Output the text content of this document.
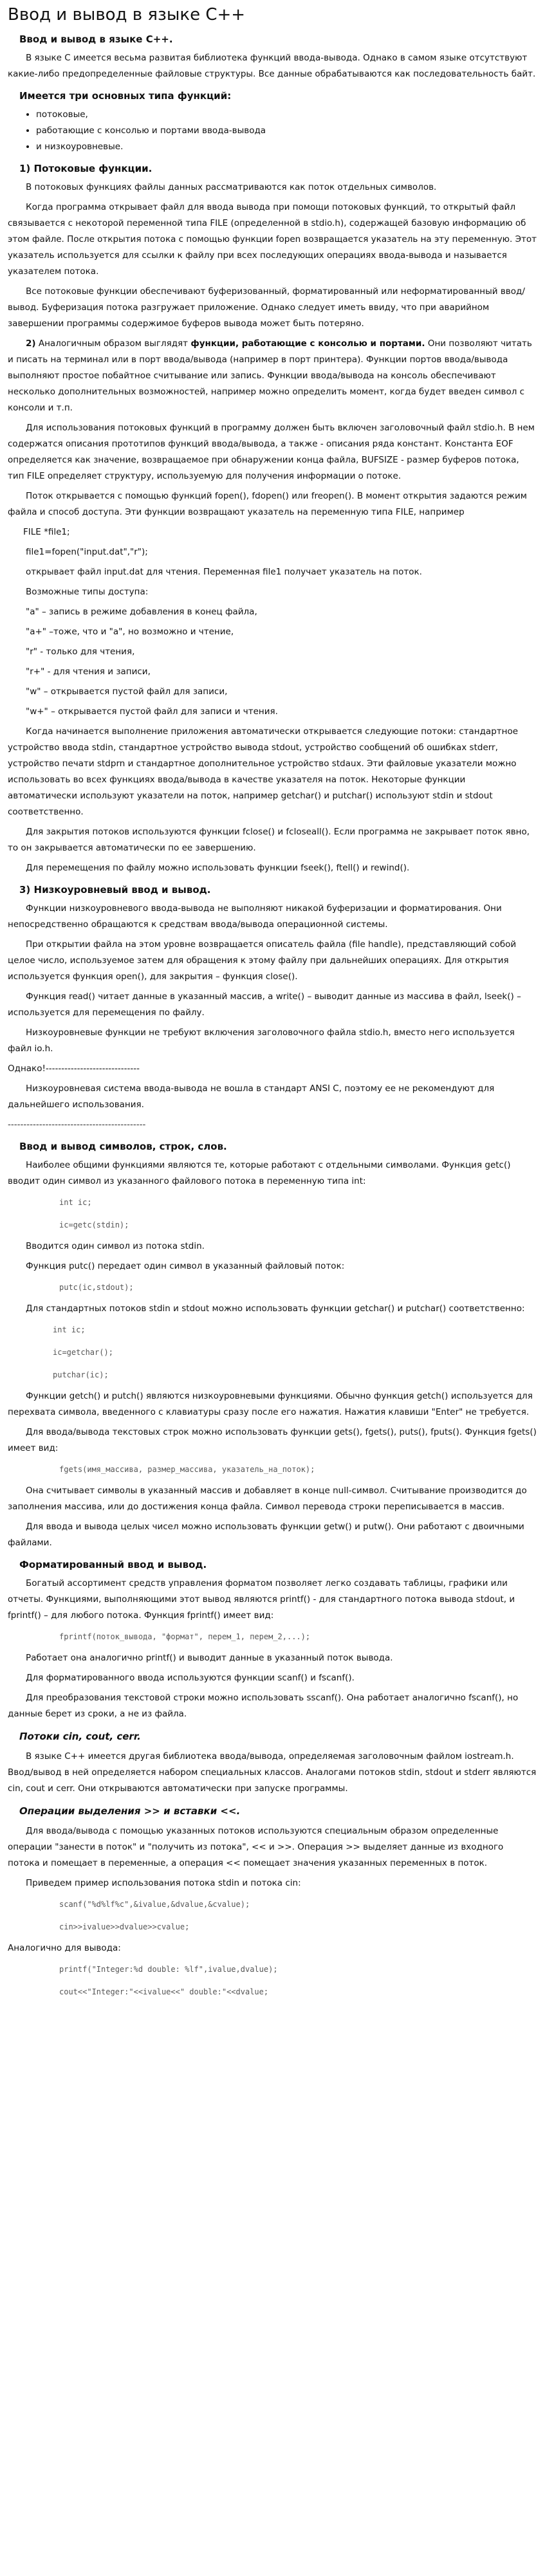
Ввод и вывод в языке C++
Ввод и вывод в языке С++.

В языке С имеется весьма развитая библиотека функций ввода-вывода. Однако в самом языке отсутствуют какие-либо предопределенные файловые структуры. Все данные обрабатываются как последовательность байт.

Имеется три основных типа функций:
• потоковые,
• работающие с консолью и портами ввода-вывода
• и низкоуровневые.
1) Потоковые функции.

В потоковых функциях файлы данных рассматриваются как поток отдельных символов.

Когда программа открывает файл для ввода вывода при помощи потоковых функций, то открытый файл связывается с некоторой переменной типа FILE (определенной в stdio.h), содержащей базовую информацию об этом файле. После открытия потока с помощью функции fopen возвращается указатель на эту переменную. Этот указатель используется для ссылки к файлу при всех последующих операциях ввода-вывода и называется указателем потока.

Все потоковые функции обеспечивают буферизованный, форматированный или неформатированный ввод/вывод. Буферизация потока разгружает приложение. Однако следует иметь ввиду, что при аварийном завершении программы содержимое буферов вывода может быть потеряно.

2) Аналогичным образом выглядят функции, работающие с консолью и портами. Они позволяют читать и писать на терминал или в порт ввода/вывода (например в порт принтера). Функции портов ввода/вывода выполняют простое побайтное считывание или запись. Функции ввода/вывода на консоль обеспечивают несколько дополнительных возможностей, например можно определить момент, когда будет введен символ с консоли и т.п.

Для использования потоковых функций в программу должен быть включен заголовочный файл stdio.h. В нем содержатся описания прототипов функций ввода/вывода, а также - описания ряда констант. Константа EOF определяется как значение, возвращаемое при обнаружении конца файла, BUFSIZE - размер буферов потока, тип FILE определяет структуру, используемую для получения информации о потоке.

Поток открывается с помощью функций fopen(), fdopen() или freopen(). В момент открытия задаются режим файла и способ доступа. Эти функции возвращают указатель на переменную типа FILE, например

FILE *file1;

file1=fopen("input.dat","r");

открывает файл input.dat для чтения. Переменная file1 получает указатель на поток.

Возможные типы доступа:

"a" – запись в режиме добавления в конец файла,

"a+" –тоже, что и "a", но возможно и чтение,

"r" - только для чтения,

"r+" - для чтения и записи,

"w" – открывается пустой файл для записи,

"w+" – открывается пустой файл для записи и чтения.

Когда начинается выполнение приложения автоматически открывается следующие потоки: стандартное устройство ввода stdin, стандартное устройство вывода stdout, устройство сообщений об ошибках stderr, устройство печати stdprn и стандартное дополнительное устройство stdaux. Эти файловые указатели можно использовать во всех функциях ввода/вывода в качестве указателя на поток. Некоторые функции автоматически используют указатели на поток, например getchar() и putchar() используют stdin и stdout соответственно.

Для закрытия потоков используются функции fclose() и fcloseall(). Если программа не закрывает поток явно, то он закрывается автоматически по ее завершению.

Для перемещения по файлу можно использовать функции fseek(), ftell() и rewind().

3) Низкоуровневый ввод и вывод.

Функции низкоуровневого ввода-вывода не выполняют никакой буферизации и форматирования. Они непосредственно обращаются к средствам ввода/вывода операционной системы.

При открытии файла на этом уровне возвращается описатель файла (file handle), представляющий собой целое число, используемое затем для обращения к этому файлу при дальнейших операциях. Для открытия используется функция open(), для закрытия – функция close().

Функция read() читает данные в указанный массив, а write() – выводит данные из массива в файл, lseek() – используется для перемещения по файлу.

Низкоуровневые функции не требуют включения заголовочного файла stdio.h, вместо него используется файл io.h.

Однако!------------------------------

Низкоуровневая система ввода-вывода не вошла в стандарт ANSI C, поэтому ее не рекомендуют для дальнейшего использования.

--------------------------------------------

Ввод и вывод символов, строк, слов.

Наиболее общими функциями являются те, которые работают с отдельными символами. Функция getc() вводит один символ из указанного файлового потока в переменную типа int:

int ic;

ic=getc(stdin);

Вводится один символ из потока stdin.

Функция putc() передает один символ в указанный файловый поток:

putc(ic,stdout);

Для стандартных потоков stdin и stdout можно использовать функции getchar() и putchar() соответственно:

int ic;

ic=getchar();

putchar(ic);

Функции getch() и putch() являются низкоуровневыми функциями. Обычно функция getch() используется для перехвата символа, введенного с клавиатуры сразу после его нажатия. Нажатия клавиши "Enter" не требуется.

Для ввода/вывода текстовых строк можно использовать функции gets(), fgets(), puts(), fputs(). Функция fgets() имеет вид:

fgets(имя_массива, размер_массива, указатель_на_поток);

Она считывает символы в указанный массив и добавляет в конце null-символ. Считывание производится до заполнения массива, или до достижения конца файла. Символ перевода строки переписывается в массив.

Для ввода и вывода целых чисел можно использовать функции getw() и putw(). Они работают с двоичными файлами.

Форматированный ввод и вывод.

Богатый ассортимент средств управления форматом позволяет легко создавать таблицы, графики или отчеты. Функциями, выполняющими этот вывод являются printf() - для стандартного потока вывода stdout, и fprintf() – для любого потока. Функция fprintf() имеет вид:

fprintf(поток_вывода, "формат", перем_1, перем_2,...);

Работает она аналогично printf() и выводит данные в указанный поток вывода.

Для форматированного ввода используются функции scanf() и fscanf().

Для преобразования текстовой строки можно использовать sscanf(). Она работает аналогично fscanf(), но данные берет из сроки, а не из файла.

Потоки cin, cout, cerr.

В языке С++ имеется другая библиотека ввода/вывода, определяемая заголовочным файлом iostream.h. Ввод/вывод в ней определяется набором специальных классов. Аналогами потоков stdin, stdout и stderr являются cin, cout и cerr. Они открываются автоматически при запуске программы.

Операции выделения >> и вставки <<.

Для ввода/вывода с помощью указанных потоков используются специальным образом определенные операции "занести в поток" и "получить из потока", << и >>. Операция >> выделяет данные из входного потока и помещает в переменные, а операция << помещает значения указанных переменных в поток.

Приведем пример использования потока stdin и потока cin:

scanf("%d%lf%c",&ivalue,&dvalue,&cvalue);

cin>>ivalue>>dvalue>>cvalue;

Аналогично для вывода:

printf("Integer:%d double: %lf",ivalue,dvalue);

cout<<"Integer:"<<ivalue<<" double:"<<dvalue;
